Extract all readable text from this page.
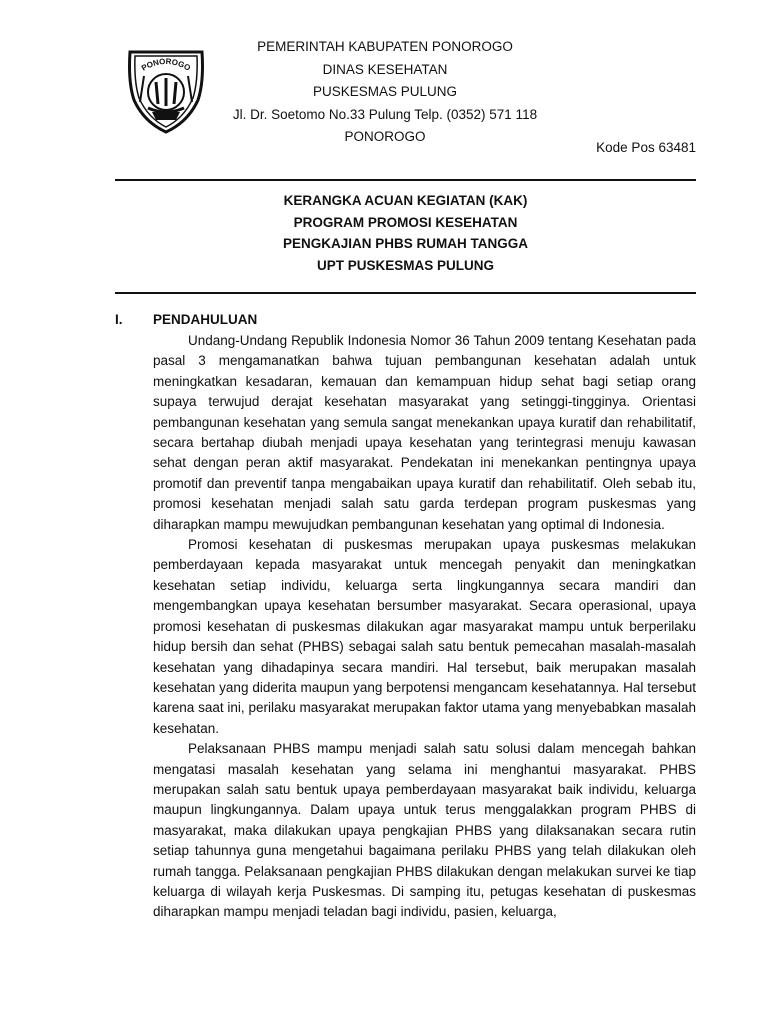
PONOROGO
PEMERINTAH KABUPATEN PONOROGO
DINAS KESEHATAN
PUSKESMAS PULUNG
Jl. Dr. Soetomo No.33 Pulung Telp. (0352) 571 118
PONOROGO
Kode Pos 63481
KERANGKA ACUAN KEGIATAN (KAK)
PROGRAM PROMOSI KESEHATAN
PENGKAJIAN PHBS RUMAH TANGGA
UPT PUSKESMAS PULUNG
I. PENDAHULUAN

Undang-Undang Republik Indonesia Nomor 36 Tahun 2009 tentang Kesehatan pada pasal 3 mengamanatkan bahwa tujuan pembangunan kesehatan adalah untuk meningkatkan kesadaran, kemauan dan kemampuan hidup sehat bagi setiap orang supaya terwujud derajat kesehatan masyarakat yang setinggi-tingginya. Orientasi pembangunan kesehatan yang semula sangat menekankan upaya kuratif dan rehabilitatif, secara bertahap diubah menjadi upaya kesehatan yang terintegrasi menuju kawasan sehat dengan peran aktif masyarakat. Pendekatan ini menekankan pentingnya upaya promotif dan preventif tanpa mengabaikan upaya kuratif dan rehabilitatif. Oleh sebab itu, promosi kesehatan menjadi salah satu garda terdepan program puskesmas yang diharapkan mampu mewujudkan pembangunan kesehatan yang optimal di Indonesia.

Promosi kesehatan di puskesmas merupakan upaya puskesmas melakukan pemberdayaan kepada masyarakat untuk mencegah penyakit dan meningkatkan kesehatan setiap individu, keluarga serta lingkungannya secara mandiri dan mengembangkan upaya kesehatan bersumber masyarakat. Secara operasional, upaya promosi kesehatan di puskesmas dilakukan agar masyarakat mampu untuk berperilaku hidup bersih dan sehat (PHBS) sebagai salah satu bentuk pemecahan masalah-masalah kesehatan yang dihadapinya secara mandiri. Hal tersebut, baik merupakan masalah kesehatan yang diderita maupun yang berpotensi mengancam kesehatannya. Hal tersebut karena saat ini, perilaku masyarakat merupakan faktor utama yang menyebabkan masalah kesehatan.

Pelaksanaan PHBS mampu menjadi salah satu solusi dalam mencegah bahkan mengatasi masalah kesehatan yang selama ini menghantui masyarakat. PHBS merupakan salah satu bentuk upaya pemberdayaan masyarakat baik individu, keluarga maupun lingkungannya. Dalam upaya untuk terus menggalakkan program PHBS di masyarakat, maka dilakukan upaya pengkajian PHBS yang dilaksanakan secara rutin setiap tahunnya guna mengetahui bagaimana perilaku PHBS yang telah dilakukan oleh rumah tangga. Pelaksanaan pengkajian PHBS dilakukan dengan melakukan survei ke tiap keluarga di wilayah kerja Puskesmas. Di samping itu, petugas kesehatan di puskesmas diharapkan mampu menjadi teladan bagi individu, pasien, keluarga,
